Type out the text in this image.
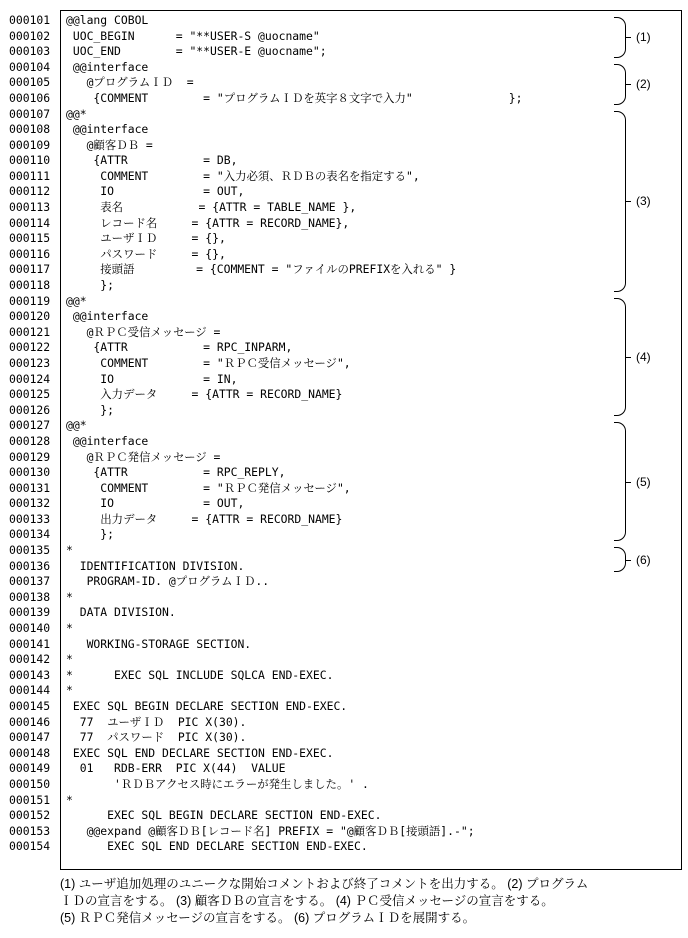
000101	@@lang COBOL
000102	UOC_BEGIN      = "**USER-S @uocname"
000103	UOC_END        = "**USER-E @uocname";
000104	@@interface
000105	@プログラムＩＤ  =
000106	{COMMENT        = "プログラムＩＤを英字８文字で入力"              };
000107	@@*
000108	@@interface
000109	@顧客ＤＢ =
000110	{ATTR           = DB,
000111	COMMENT        = "入力必須、ＲＤＢの表名を指定する",
000112	IO             = OUT,
000113	表名           = {ATTR = TABLE_NAME },
000114	レコード名     = {ATTR = RECORD_NAME},
000115	ユーザＩＤ     = {},
000116	パスワード     = {},
000117	接頭語         = {COMMENT = "ファイルのPREFIXを入れる" }
000118	};
000119	@@*
000120	@@interface
000121	@ＲＰＣ受信メッセージ =
000122	{ATTR           = RPC_INPARM,
000123	COMMENT        = "ＲＰＣ受信メッセージ",
000124	IO             = IN,
000125	入力データ     = {ATTR = RECORD_NAME}
000126	};
000127	@@*
000128	@@interface
000129	@ＲＰＣ発信メッセージ =
000130	{ATTR           = RPC_REPLY,
000131	COMMENT        = "ＲＰＣ発信メッセージ",
000132	IO             = OUT,
000133	出力データ     = {ATTR = RECORD_NAME}
000134	};
000135	*
000136	IDENTIFICATION DIVISION.
000137	PROGRAM-ID. @プログラムＩＤ..
000138	*
000139	DATA DIVISION.
000140	*
000141	WORKING-STORAGE SECTION.
000142	*
000143	*      EXEC SQL INCLUDE SQLCA END-EXEC.
000144	*
000145	EXEC SQL BEGIN DECLARE SECTION END-EXEC.
000146	77  ユーザＩＤ  PIC X(30).
000147	77  パスワード  PIC X(30).
000148	EXEC SQL END DECLARE SECTION END-EXEC.
000149	01   RDB-ERR  PIC X(44)  VALUE
000150	'ＲＤＢアクセス時にエラーが発生しました。' .
000151	*
000152	EXEC SQL BEGIN DECLARE SECTION END-EXEC.
000153	@@expand @顧客ＤＢ[レコード名] PREFIX = "@顧客ＤＢ[接頭語].-";
000154	EXEC SQL END DECLARE SECTION END-EXEC.
(1)
(2)
(3)
(4)
(5)
(6)
(1) ユーザ追加処理のユニークな開始コメントおよび終了コメントを出力する。 (2) プログラム
ＩＤの宣言をする。 (3) 顧客ＤＢの宣言をする。 (4) ＰＣ受信メッセージの宣言をする。
(5) ＲＰＣ発信メッセージの宣言をする。 (6) プログラムＩＤを展開する。
